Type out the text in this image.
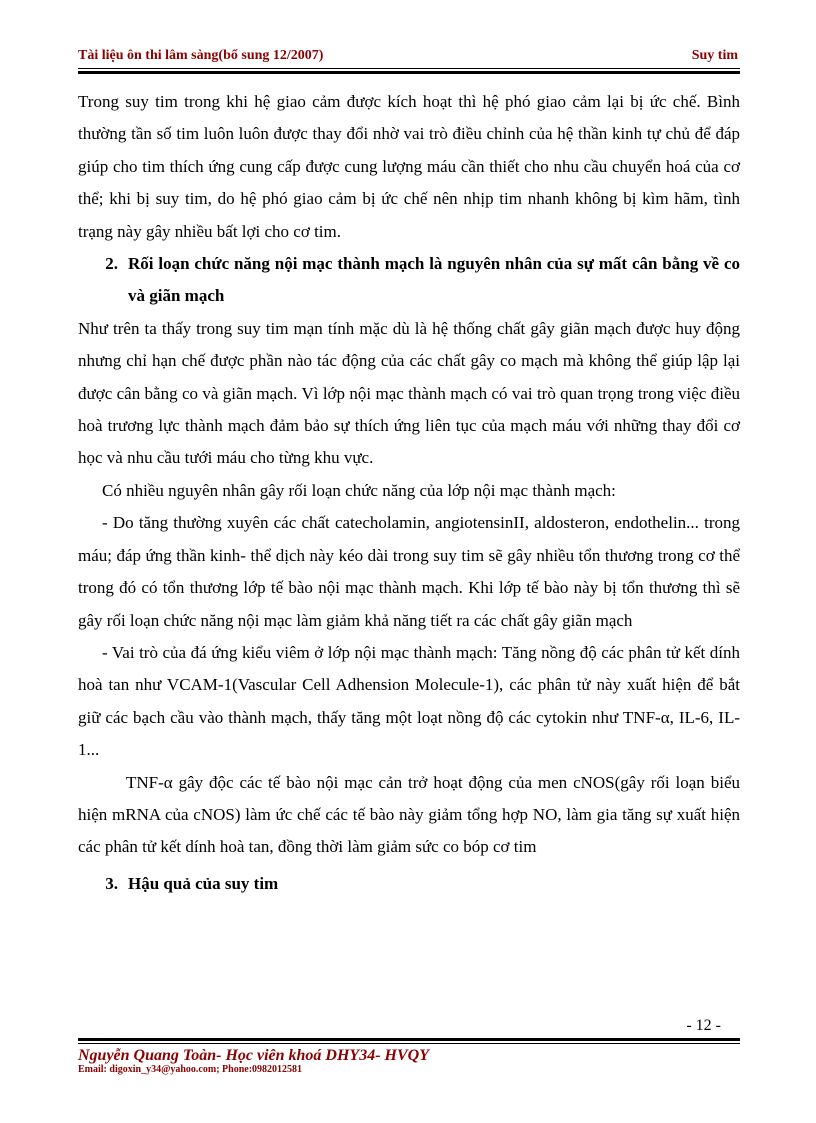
Tài liệu ôn thi lâm sàng(bổ sung 12/2007)	Suy tim

Trong suy tim trong khi hệ giao cảm được kích hoạt thì hệ phó giao cảm lại bị ức chế. Bình thường tần số tim luôn luôn được thay đổi nhờ vai trò điều chỉnh của hệ thần kinh tự chủ để đáp giúp cho tim thích ứng cung cấp được cung lượng máu cần thiết cho nhu cầu chuyển hoá của cơ thể; khi bị suy tim, do hệ phó giao cảm bị ức chế nên nhịp tim nhanh không bị kìm hãm, tình trạng này gây nhiều bất lợi cho cơ tim.

2. Rối loạn chức năng nội mạc thành mạch là nguyên nhân của sự mất cân bằng về co và giãn mạch

Như trên ta thấy trong suy tim mạn tính mặc dù là hệ thống chất gây giãn mạch được huy động nhưng chỉ hạn chế được phần nào tác động của các chất gây co mạch mà không thể giúp lập lại được cân bằng co và giãn mạch. Vì lớp nội mạc thành mạch có vai trò quan trọng trong việc điều hoà trương lực thành mạch đảm bảo sự thích ứng liên tục của mạch máu với những thay đổi cơ học và nhu cầu tưới máu cho từng khu vực.

Có nhiều nguyên nhân gây rối loạn chức năng của lớp nội mạc thành mạch:

- Do tăng thường xuyên các chất catecholamin, angiotensinII, aldosteron, endothelin... trong máu; đáp ứng thần kinh- thể dịch này kéo dài trong suy tim sẽ gây nhiều tổn thương trong cơ thể trong đó có tổn thương lớp tế bào nội mạc thành mạch. Khi lớp tế bào này bị tổn thương thì sẽ gây rối loạn chức năng nội mạc làm giảm khả năng tiết ra các chất gây giãn mạch

- Vai trò của đá ứng kiểu viêm ở lớp nội mạc thành mạch: Tăng nồng độ các phân tử kết dính hoà tan như VCAM-1(Vascular Cell Adhension Molecule-1), các phân tử này xuất hiện để bắt giữ các bạch cầu vào thành mạch, thấy tăng một loạt nồng độ các cytokin như TNF-α, IL-6, IL-1...

TNF-α gây độc các tế bào nội mạc cản trở hoạt động của men cNOS(gây rối loạn biểu hiện mRNA của cNOS) làm ức chế các tế bào này giảm tổng hợp NO, làm gia tăng sự xuất hiện các phân tử kết dính hoà tan, đồng thời làm giảm sức co bóp cơ tim

3. Hậu quả của suy tim

- 12 -
Nguyễn Quang Toàn- Học viên khoá DHY34- HVQY
Email: digoxin_y34@yahoo.com; Phone:0982012581
